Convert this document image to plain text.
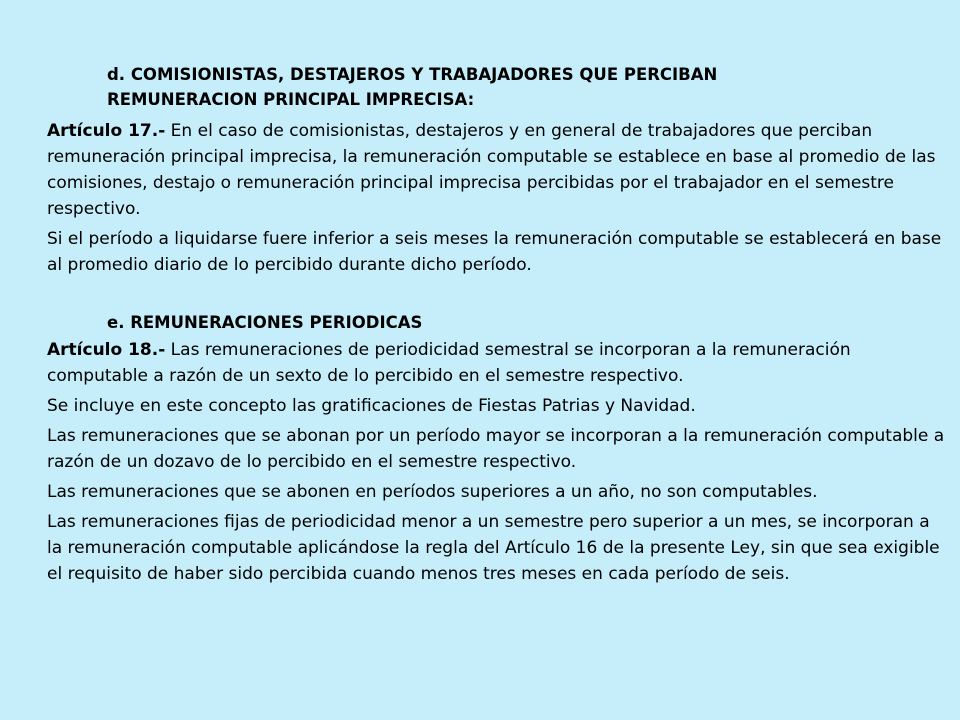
d. COMISIONISTAS, DESTAJEROS Y TRABAJADORES QUE PERCIBAN
REMUNERACION PRINCIPAL IMPRECISA:

Artículo 17.- En el caso de comisionistas, destajeros y en general de trabajadores que perciban remuneración principal imprecisa, la remuneración computable se establece en base al promedio de las comisiones, destajo o remuneración principal imprecisa percibidas por el trabajador en el semestre respectivo.

Si el período a liquidarse fuere inferior a seis meses la remuneración computable se establecerá en base al promedio diario de lo percibido durante dicho período.

e. REMUNERACIONES PERIODICAS

Artículo 18.- Las remuneraciones de periodicidad semestral se incorporan a la remuneración computable a razón de un sexto de lo percibido en el semestre respectivo.

Se incluye en este concepto las gratificaciones de Fiestas Patrias y Navidad.

Las remuneraciones que se abonan por un período mayor se incorporan a la remuneración computable a razón de un dozavo de lo percibido en el semestre respectivo.

Las remuneraciones que se abonen en períodos superiores a un año, no son computables.

Las remuneraciones fijas de periodicidad menor a un semestre pero superior a un mes, se incorporan a la remuneración computable aplicándose la regla del Artículo 16 de la presente Ley, sin que sea exigible el requisito de haber sido percibida cuando menos tres meses en cada período de seis.
